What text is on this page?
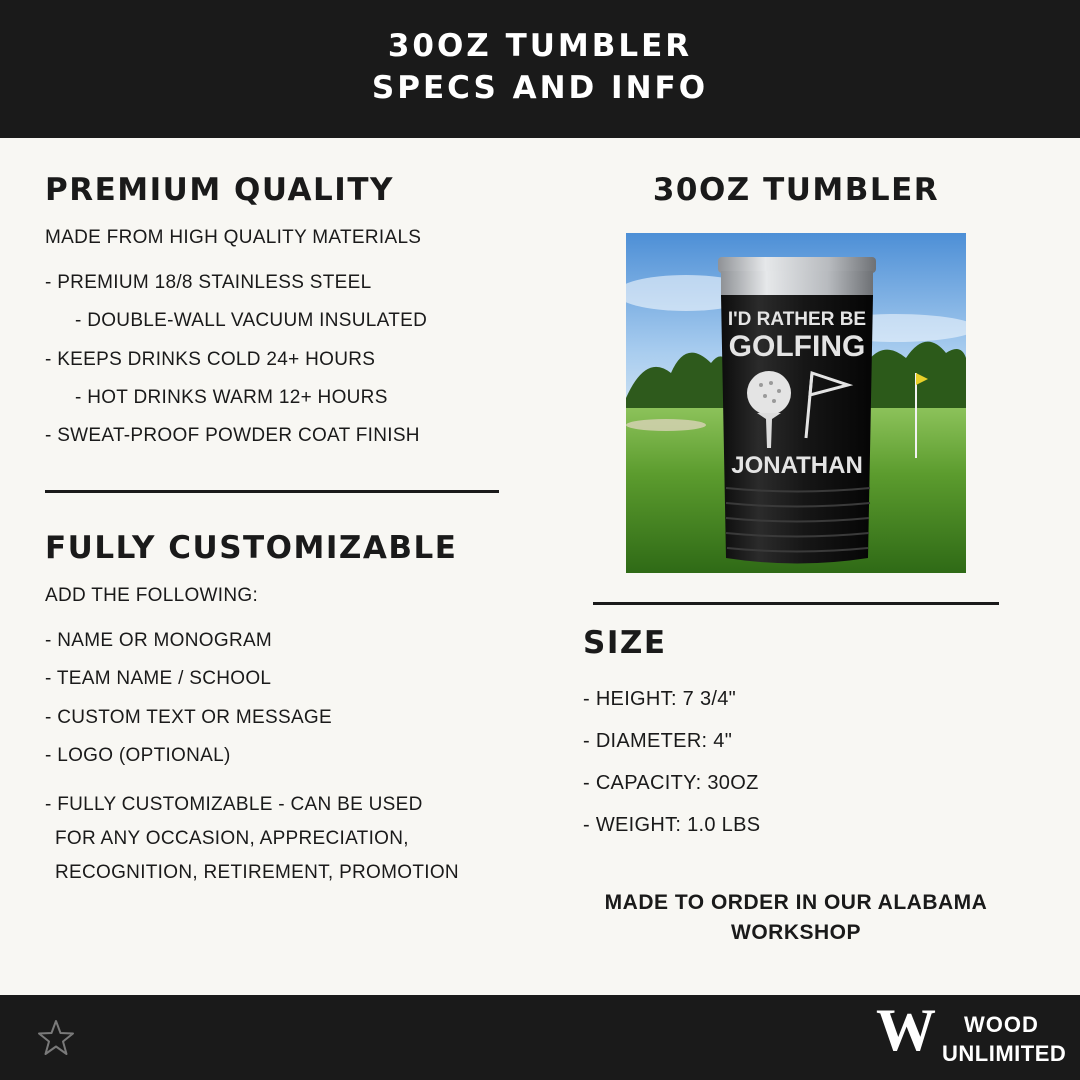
30OZ TUMBLER
SPECS AND INFO
PREMIUM QUALITY
MADE FROM HIGH QUALITY MATERIALS
- PREMIUM 18/8 STAINLESS STEEL
- DOUBLE-WALL VACUUM INSULATED
- KEEPS DRINKS COLD 24+ HOURS
- HOT DRINKS WARM 12+ HOURS
- SWEAT-PROOF POWDER COAT FINISH
FULLY CUSTOMIZABLE
ADD THE FOLLOWING:
- NAME OR MONOGRAM
- TEAM NAME / SCHOOL
- CUSTOM TEXT OR MESSAGE
- LOGO (OPTIONAL)
- FULLY CUSTOMIZABLE - CAN BE USED
FOR ANY OCCASION, APPRECIATION,
RECOGNITION, RETIREMENT, PROMOTION
30OZ TUMBLER
I'D RATHER BE
GOLFING
JONATHAN
SIZE
- HEIGHT: 7 3/4"
- DIAMETER: 4"
- CAPACITY: 30OZ
- WEIGHT: 1.0 LBS
MADE TO ORDER IN OUR ALABAMA
WORKSHOP
W WOOD
UNLIMITED
